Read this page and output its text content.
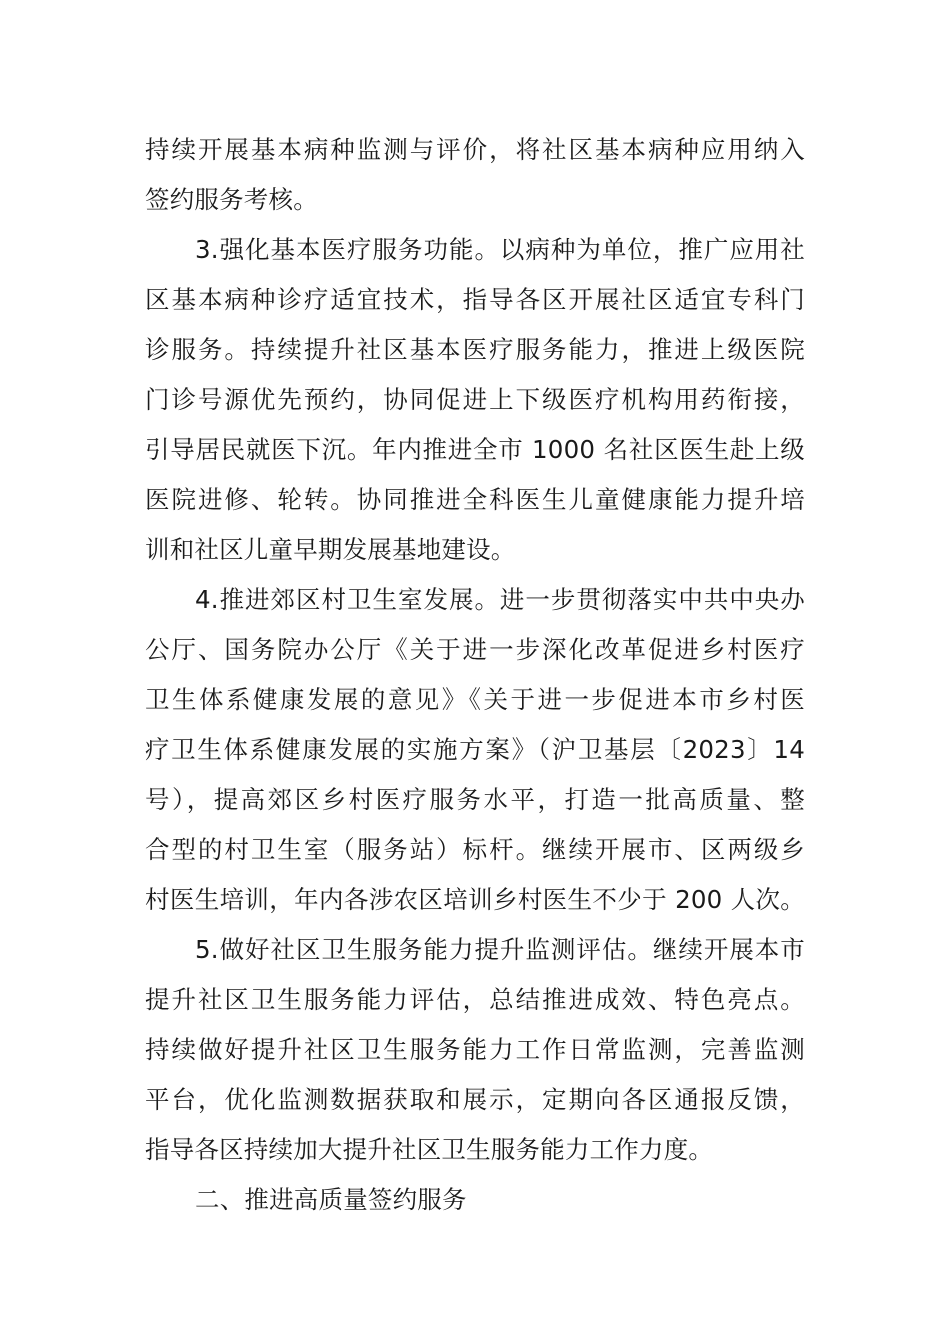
持续开展基本病种监测与评价，将社区基本病种应用纳入
签约服务考核。
3.强化基本医疗服务功能。以病种为单位，推广应用社
区基本病种诊疗适宜技术，指导各区开展社区适宜专科门
诊服务。持续提升社区基本医疗服务能力，推进上级医院
门诊号源优先预约，协同促进上下级医疗机构用药衔接，
引导居民就医下沉。年内推进全市 1000 名社区医生赴上级
医院进修、轮转。协同推进全科医生儿童健康能力提升培
训和社区儿童早期发展基地建设。
4.推进郊区村卫生室发展。进一步贯彻落实中共中央办
公厅、国务院办公厅《关于进一步深化改革促进乡村医疗
卫生体系健康发展的意见》《关于进一步促进本市乡村医
疗卫生体系健康发展的实施方案》（沪卫基层〔2023〕14
号），提高郊区乡村医疗服务水平，打造一批高质量、整
合型的村卫生室（服务站）标杆。继续开展市、区两级乡
村医生培训，年内各涉农区培训乡村医生不少于 200 人次。
5.做好社区卫生服务能力提升监测评估。继续开展本市
提升社区卫生服务能力评估，总结推进成效、特色亮点。
持续做好提升社区卫生服务能力工作日常监测，完善监测
平台，优化监测数据获取和展示，定期向各区通报反馈，
指导各区持续加大提升社区卫生服务能力工作力度。
二、推进高质量签约服务
